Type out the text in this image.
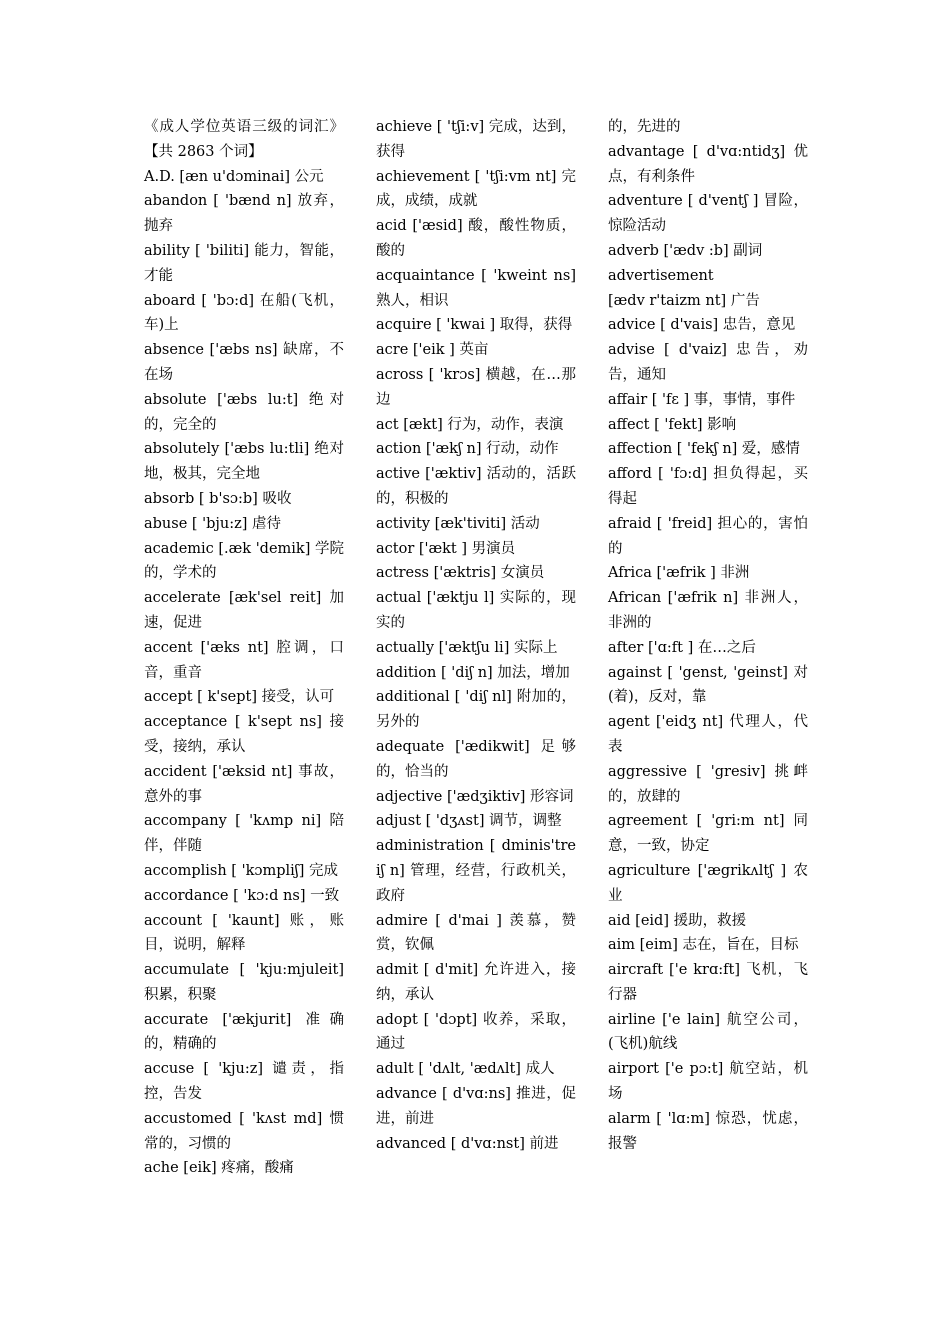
《成人学位英语三级的词汇》【共 2863 个词】
A.D. [æn u'dɔminai] 公元
abandon [ 'bænd n] 放弃，抛弃
ability [ 'biliti] 能力，智能，才能
aboard [ 'bɔ:d] 在船(飞机，车)上
absence ['æbs ns] 缺席，不在场
absolute ['æbs lu:t] 绝对的，完全的
absolutely ['æbs lu:tli] 绝对地，极其，完全地
absorb [ b'sɔ:b] 吸收
abuse [ 'bju:z] 虐待
academic [.æk 'demik] 学院的，学术的
accelerate [æk'sel reit] 加速，促进
accent ['æks nt] 腔调，口音，重音
accept [ k'sept] 接受，认可
acceptance [ k'sept ns] 接受，接纳，承认
accident ['æksid nt] 事故，意外的事
accompany [ 'kʌmp ni] 陪伴，伴随
accomplish [ 'kɔmpliʃ] 完成
accordance [ 'kɔ:d ns] 一致
account [ 'kaunt] 账，账目，说明，解释
accumulate [ 'kju:mjuleit] 积累，积聚
accurate ['ækjurit] 准确的，精确的
accuse [ 'kju:z] 谴责，指控，告发
accustomed [ 'kʌst md] 惯常的，习惯的
ache [eik] 疼痛，酸痛
achieve [ 'tʃi:v] 完成，达到，获得
achievement [ 'tʃi:vm nt] 完成，成绩，成就
acid ['æsid] 酸，酸性物质，酸的
acquaintance [ 'kweint ns] 熟人，相识
acquire [ 'kwai ] 取得，获得
acre ['eik ] 英亩
across [ 'krɔs] 横越，在…那边
act [ækt] 行为，动作，表演
action ['ækʃ n] 行动，动作
active ['æktiv] 活动的，活跃的，积极的
activity [æk'tiviti] 活动
actor ['ækt ] 男演员
actress ['æktris] 女演员
actual ['æktju l] 实际的，现实的
actually ['æktʃu li] 实际上
addition [ 'diʃ n] 加法，增加
additional [ 'diʃ nl] 附加的，另外的
adequate ['ædikwit] 足够的，恰当的
adjective ['ædʒiktiv] 形容词
adjust [ 'dʒʌst] 调节，调整
administration [ dminis'treiʃ n] 管理，经营，行政机关，政府
admire [ d'mai ] 羡慕，赞赏，钦佩
admit [ d'mit] 允许进入，接纳，承认
adopt [ 'dɔpt] 收养，采取，通过
adult [ 'dʌlt, 'ædʌlt] 成人
advance [ d'vɑ:ns] 推进，促进，前进
advanced [ d'vɑ:nst] 前进
的，先进的
advantage [ d'vɑ:ntidʒ] 优点，有利条件
adventure [ d'ventʃ ] 冒险，惊险活动
adverb ['ædv :b] 副词
advertisement
[ædv r'taizm nt] 广告
advice [ d'vais] 忠告，意见
advise [ d'vaiz] 忠告，劝告，通知
affair [ 'fɛ ] 事，事情，事件
affect [ 'fekt] 影响
affection [ 'fekʃ n] 爱，感情
afford [ 'fɔ:d] 担负得起，买得起
afraid [ 'freid] 担心的，害怕的
Africa ['æfrik ] 非洲
African ['æfrik n] 非洲人，非洲的
after ['ɑ:ft ] 在…之后
against [ 'genst, 'geinst] 对(着)，反对，靠
agent ['eidʒ nt] 代理人，代表
aggressive [ 'gresiv] 挑衅的，放肆的
agreement [ 'gri:m nt] 同意，一致，协定
agriculture ['ægrikʌltʃ ] 农业
aid [eid] 援助，救援
aim [eim] 志在，旨在，目标
aircraft ['e krɑ:ft] 飞机，飞行器
airline ['e lain] 航空公司，(飞机)航线
airport ['e pɔ:t] 航空站，机场
alarm [ 'lɑ:m] 惊恐，忧虑，报警
